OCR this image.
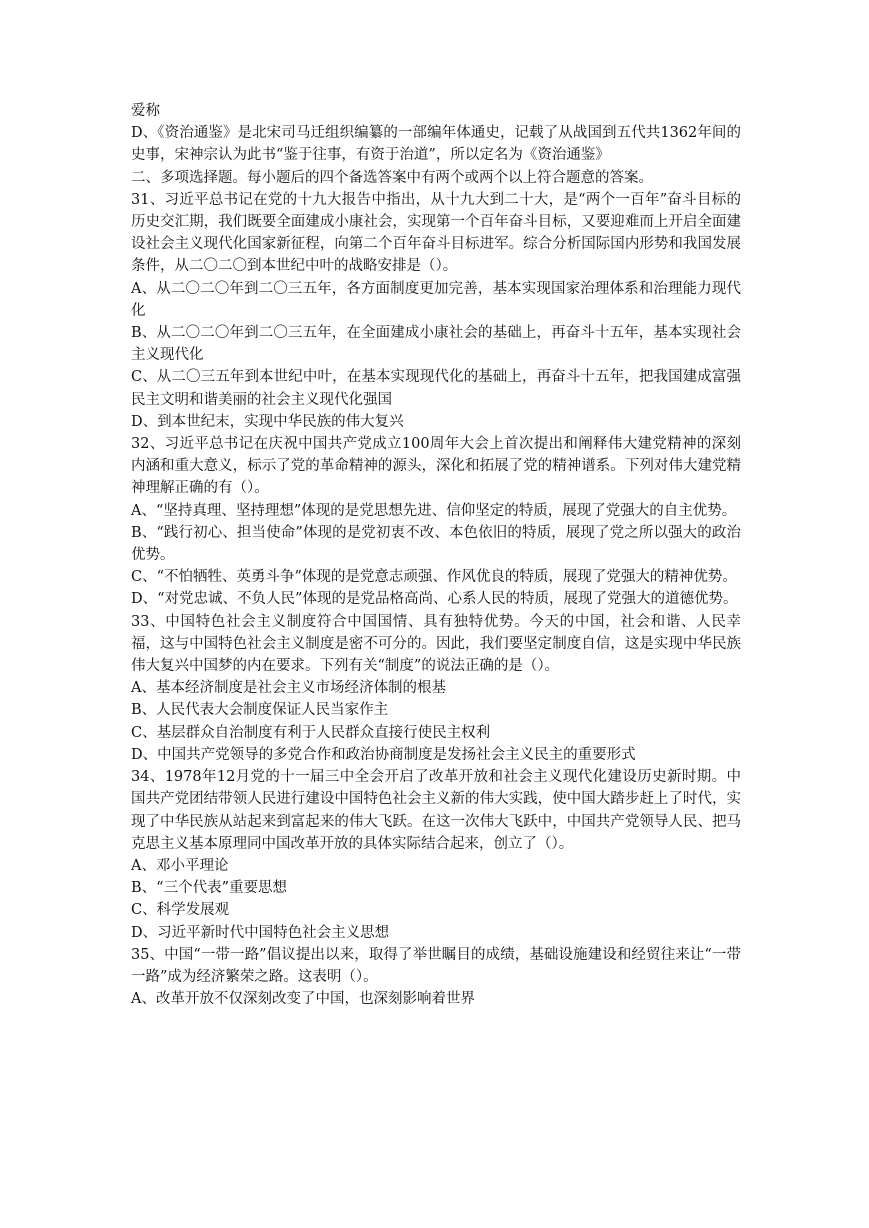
爱称

D、《资治通鉴》是北宋司马迁组织编纂的一部编年体通史，记载了从战国到五代共1362年间的史事，宋神宗认为此书“鉴于往事，有资于治道”，所以定名为《资治通鉴》

二、多项选择题。每小题后的四个备选答案中有两个或两个以上符合题意的答案。

31、习近平总书记在党的十九大报告中指出，从十九大到二十大，是“两个一百年”奋斗目标的历史交汇期，我们既要全面建成小康社会，实现第一个百年奋斗目标，又要迎难而上开启全面建设社会主义现代化国家新征程，向第二个百年奋斗目标进军。综合分析国际国内形势和我国发展条件，从二〇二〇到本世纪中叶的战略安排是（）。

A、从二〇二〇年到二〇三五年，各方面制度更加完善，基本实现国家治理体系和治理能力现代化

B、从二〇二〇年到二〇三五年，在全面建成小康社会的基础上，再奋斗十五年，基本实现社会主义现代化

C、从二〇三五年到本世纪中叶，在基本实现现代化的基础上，再奋斗十五年，把我国建成富强民主文明和谐美丽的社会主义现代化强国

D、到本世纪末，实现中华民族的伟大复兴

32、习近平总书记在庆祝中国共产党成立100周年大会上首次提出和阐释伟大建党精神的深刻内涵和重大意义，标示了党的革命精神的源头，深化和拓展了党的精神谱系。下列对伟大建党精神理解正确的有（）。

A、“坚持真理、坚持理想”体现的是党思想先进、信仰坚定的特质，展现了党强大的自主优势。

B、“践行初心、担当使命”体现的是党初衷不改、本色依旧的特质，展现了党之所以强大的政治优势。

C、“不怕牺牲、英勇斗争”体现的是党意志顽强、作风优良的特质，展现了党强大的精神优势。

D、“对党忠诚、不负人民”体现的是党品格高尚、心系人民的特质，展现了党强大的道德优势。

33、中国特色社会主义制度符合中国国情、具有独特优势。今天的中国，社会和谐、人民幸福，这与中国特色社会主义制度是密不可分的。因此，我们要坚定制度自信，这是实现中华民族伟大复兴中国梦的内在要求。下列有关“制度”的说法正确的是（）。

A、基本经济制度是社会主义市场经济体制的根基

B、人民代表大会制度保证人民当家作主

C、基层群众自治制度有利于人民群众直接行使民主权利

D、中国共产党领导的多党合作和政治协商制度是发扬社会主义民主的重要形式

34、1978年12月党的十一届三中全会开启了改革开放和社会主义现代化建设历史新时期。中国共产党团结带领人民进行建设中国特色社会主义新的伟大实践，使中国大踏步赶上了时代，实现了中华民族从站起来到富起来的伟大飞跃。在这一次伟大飞跃中，中国共产党领导人民、把马克思主义基本原理同中国改革开放的具体实际结合起来，创立了（）。

A、邓小平理论

B、“三个代表”重要思想

C、科学发展观

D、习近平新时代中国特色社会主义思想

35、中国“一带一路”倡议提出以来，取得了举世瞩目的成绩，基础设施建设和经贸往来让“一带一路”成为经济繁荣之路。这表明（）。

A、改革开放不仅深刻改变了中国，也深刻影响着世界
